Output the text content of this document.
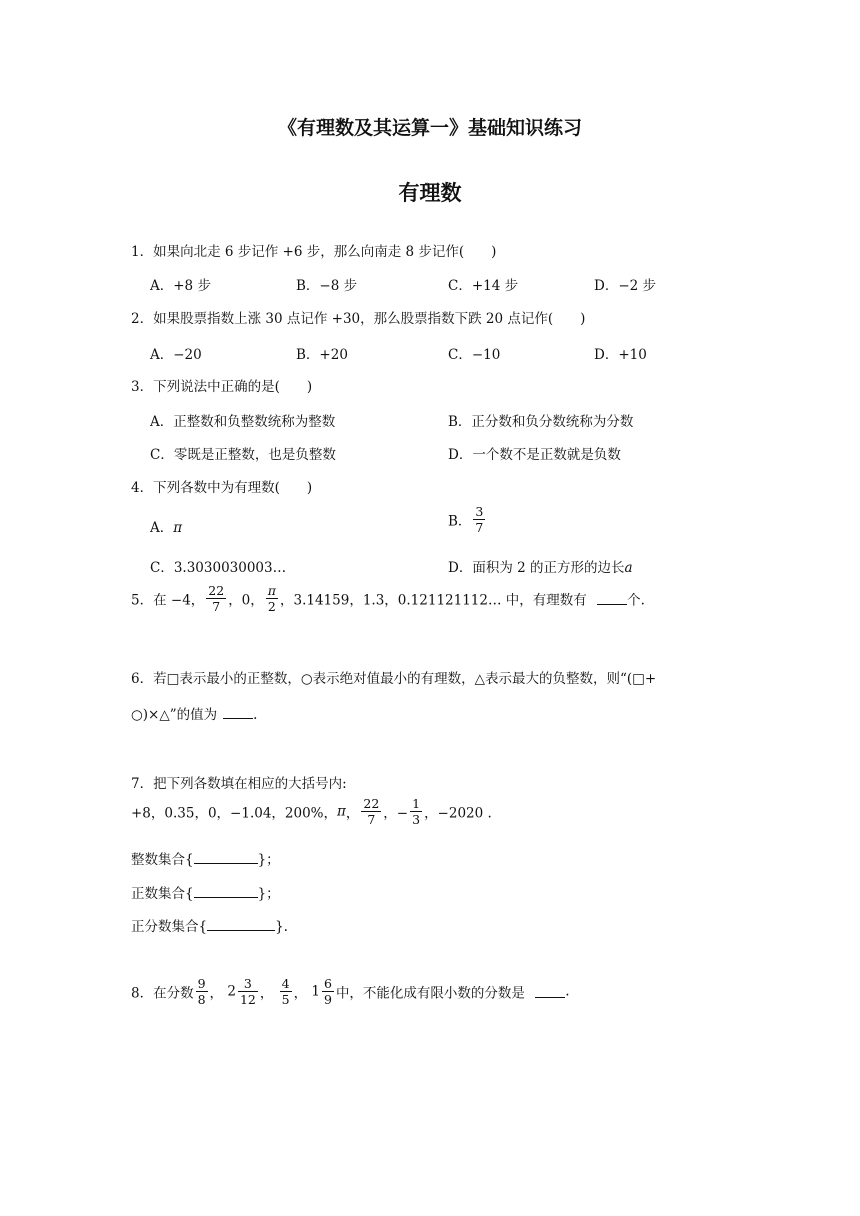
《有理数及其运算一》基础知识练习
有理数
1．如果向北走 6 步记作 +6 步，那么向南走 8 步记作(　　)
A．+8 步	B．−8 步	C．+14 步	D．−2 步
2．如果股票指数上涨 30 点记作 +30，那么股票指数下跌 20 点记作(　　)
A．−20	B．+20	C．−10	D．+10
3．下列说法中正确的是(　　)
A．正整数和负整数统称为整数	B．正分数和负分数统称为分数
C．零既是正整数，也是负整数	D．一个数不是正数就是负数
4．下列各数中为有理数(　　)
A．π	B． $\frac{3}{7}$
C．3.3030030003…	D．面积为 2 的正方形的边长a
5．在 −4， $\frac{22}{7}$ ，0， $\frac{\pi}{2}$ ，3.14159，1.3，0.121121112… 中，有理数有	个.
6．若□表示最小的正整数，○表示绝对值最小的有理数，△表示最大的负整数，则“(□+
○)×△”的值为	.
7．把下列各数填在相应的大括号内:
+8，0.35，0，−1.04，200%，π， $\frac{22}{7}$ ，− $\frac{1}{3}$ ，−2020 .
整数集合{	}；
正数集合{	}；
正分数集合{	}.
8．在分数 $\frac{9}{8}$ ， $2 \frac{3}{12}$ ， $\frac{4}{5}$ ， $1 \frac{6}{9}$ 中，不能化成有限小数的分数是	.
